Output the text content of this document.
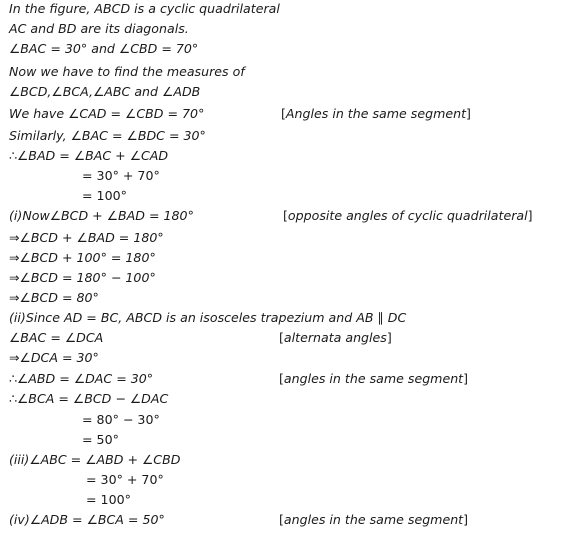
In the figure, ABCD is a cyclic quadrilateral
AC and BD are its diagonals.
∠BAC = 30° and ∠CBD = 70°
Now we have to find the measures of
∠BCD,∠BCA,∠ABC and ∠ADB
We have ∠CAD = ∠CBD = 70°	[Angles in the same segment]
Similarly, ∠BAC = ∠BDC = 30°
∴∠BAD = ∠BAC + ∠CAD
= 30° + 70°
= 100°
(i)Now∠BCD + ∠BAD = 180°	[opposite angles of cyclic quadrilateral]
⇒∠BCD + ∠BAD = 180°
⇒∠BCD + 100° = 180°
⇒∠BCD = 180° − 100°
⇒∠BCD = 80°
(ii)Since AD = BC, ABCD is an isosceles trapezium and AB ∥ DC
∠BAC = ∠DCA	[alternata angles]
⇒∠DCA = 30°
∴∠ABD = ∠DAC = 30°	[angles in the same segment]
∴∠BCA = ∠BCD − ∠DAC
= 80° − 30°
= 50°
(iii)∠ABC = ∠ABD + ∠CBD
= 30° + 70°
= 100°
(iv)∠ADB = ∠BCA = 50°	[angles in the same segment]
